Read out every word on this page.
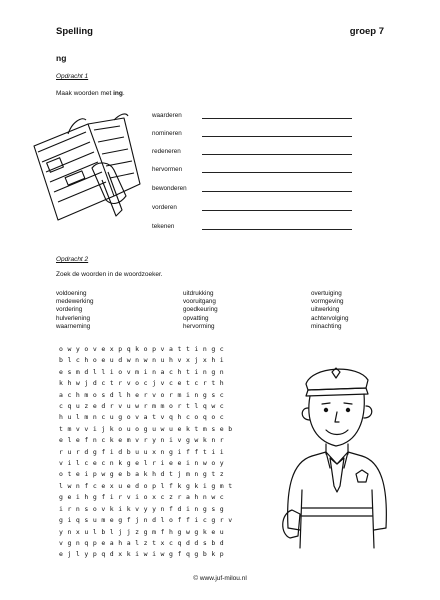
Spelling	groep 7
ng
Opdracht 1
Maak woorden met ing.
waarderen
nomineren
redeneren
hervormen
bewonderen
vorderen
tekenen
Opdracht 2
Zoek de woorden in de woordzoeker.
voldoening
medewerking
vordering
hulverlening
waarneming
uitdrukking
vooruitgang
goedkeuring
opvatting
hervorming
overtuiging
vormgeving
uitwerking
achtervolging
minachting
owyovexpqkopvattingc
blchoeudwnwnuhvxjxhi
esmdlliovminachtingn
khwjdctrvocjvcetcrth
achmosdlhervormingsc
cquzedrvuwrmmortlqwc
hulmncugovatvqhcoqoc
tmvvijkouoguwuektmseb
elefnckemvrynivgwknr
rurdgfidbuuxngifftii
vilcecnkgelrieeinwoy
oteipwgebakhdtjmngtz
lwnfcexuedoplfkgkigmt
geihgfirvioxczrahnwc
irnsovkikvyynfdingsg
giqsumegfjndlofficgrv
ynxulbljjzgmfhgwgkeu
vgnqpeahalztxcqddsbd
ejlypqdxkiwiwgfqgbkp
© www.juf-milou.nl
